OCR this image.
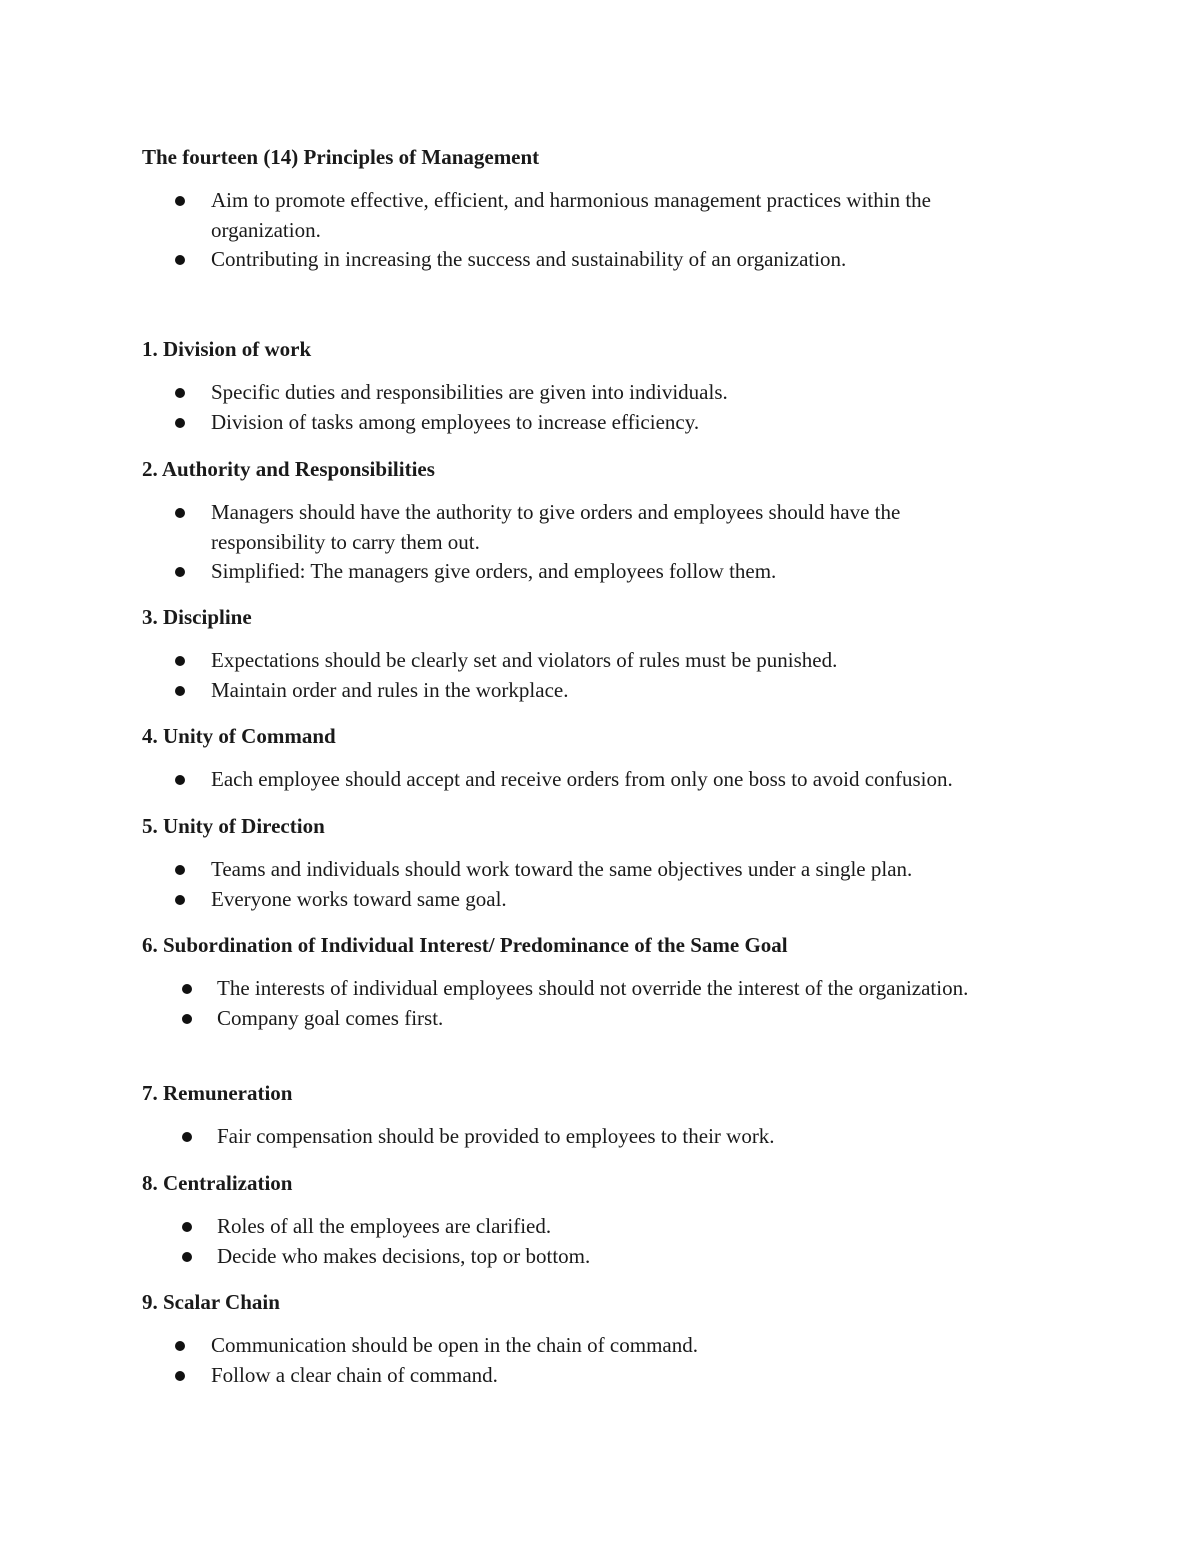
The fourteen (14) Principles of Management

Aim to promote effective, efficient, and harmonious management practices within the organization.
Contributing in increasing the success and sustainability of an organization.

1. Division of work

Specific duties and responsibilities are given into individuals.
Division of tasks among employees to increase efficiency.

2. Authority and Responsibilities

Managers should have the authority to give orders and employees should have the responsibility to carry them out.
Simplified: The managers give orders, and employees follow them.

3. Discipline

Expectations should be clearly set and violators of rules must be punished.
Maintain order and rules in the workplace.

4. Unity of Command

Each employee should accept and receive orders from only one boss to avoid confusion.

5. Unity of Direction

Teams and individuals should work toward the same objectives under a single plan.
Everyone works toward same goal.

6. Subordination of Individual Interest/ Predominance of the Same Goal

The interests of individual employees should not override the interest of the organization.
Company goal comes first.

7. Remuneration

Fair compensation should be provided to employees to their work.

8. Centralization

Roles of all the employees are clarified.
Decide who makes decisions, top or bottom.

9. Scalar Chain

Communication should be open in the chain of command.
Follow a clear chain of command.
